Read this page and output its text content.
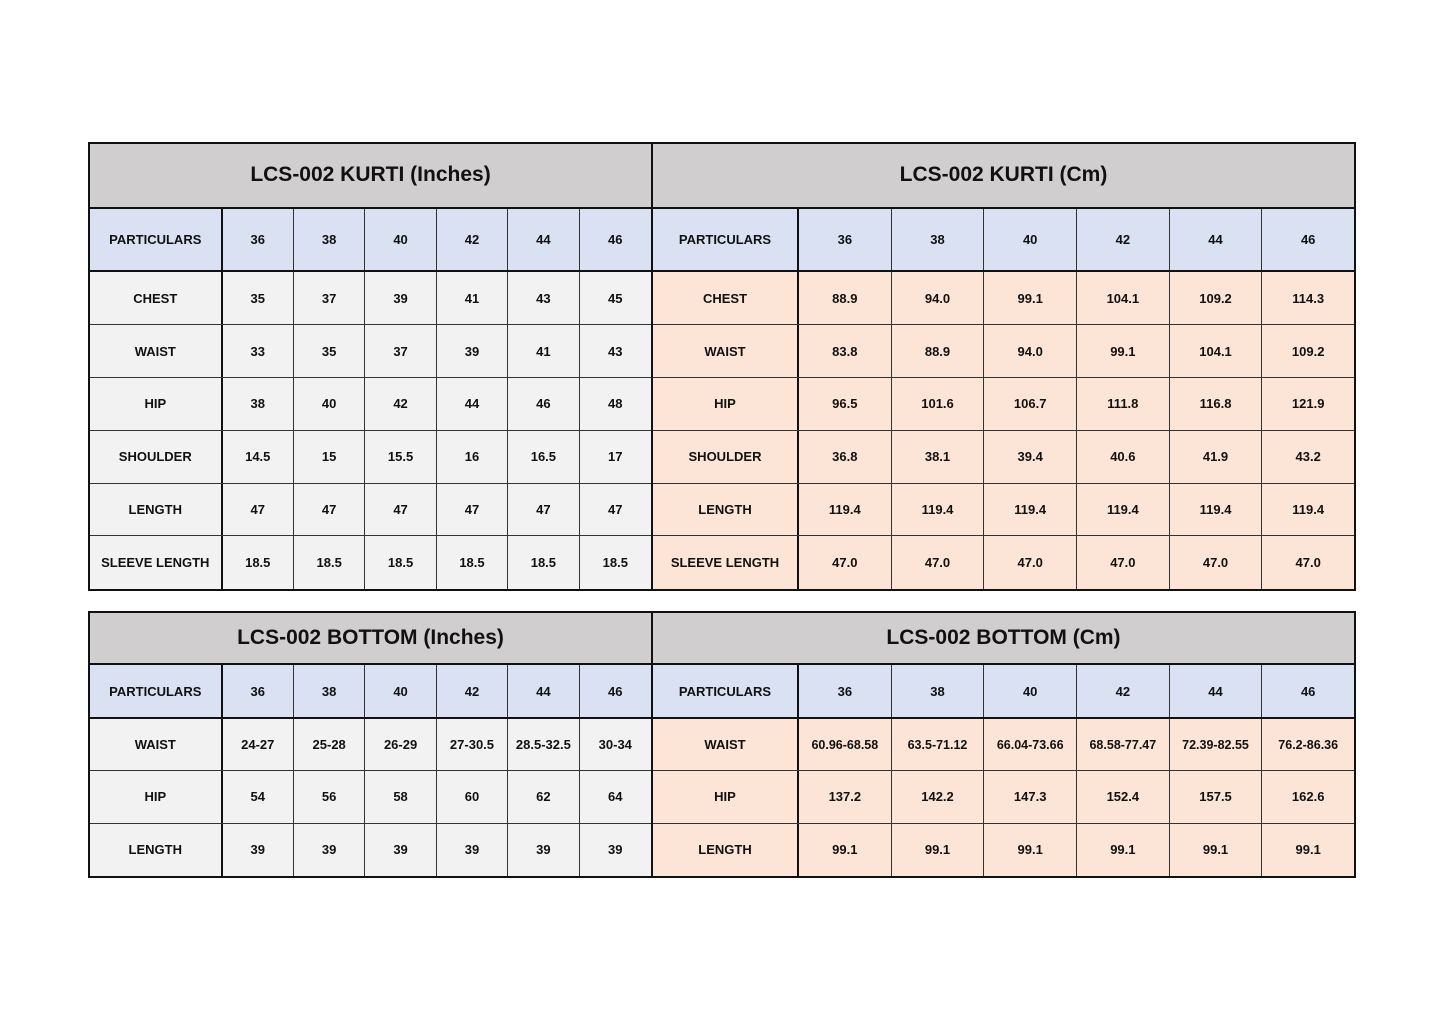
LCS-002 KURTI (Inches)
PARTICULARS	36	38	40	42	44	46
CHEST	35	37	39	41	43	45
WAIST	33	35	37	39	41	43
HIP	38	40	42	44	46	48
SHOULDER	14.5	15	15.5	16	16.5	17
LENGTH	47	47	47	47	47	47
SLEEVE LENGTH	18.5	18.5	18.5	18.5	18.5	18.5
LCS-002 KURTI (Cm)
PARTICULARS	36	38	40	42	44	46
CHEST	88.9	94.0	99.1	104.1	109.2	114.3
WAIST	83.8	88.9	94.0	99.1	104.1	109.2
HIP	96.5	101.6	106.7	111.8	116.8	121.9
SHOULDER	36.8	38.1	39.4	40.6	41.9	43.2
LENGTH	119.4	119.4	119.4	119.4	119.4	119.4
SLEEVE LENGTH	47.0	47.0	47.0	47.0	47.0	47.0
LCS-002 BOTTOM (Inches)
PARTICULARS	36	38	40	42	44	46
WAIST	24-27	25-28	26-29	27-30.5	28.5-32.5	30-34
HIP	54	56	58	60	62	64
LENGTH	39	39	39	39	39	39
LCS-002 BOTTOM (Cm)
PARTICULARS	36	38	40	42	44	46
WAIST	60.96-68.58	63.5-71.12	66.04-73.66	68.58-77.47	72.39-82.55	76.2-86.36
HIP	137.2	142.2	147.3	152.4	157.5	162.6
LENGTH	99.1	99.1	99.1	99.1	99.1	99.1
